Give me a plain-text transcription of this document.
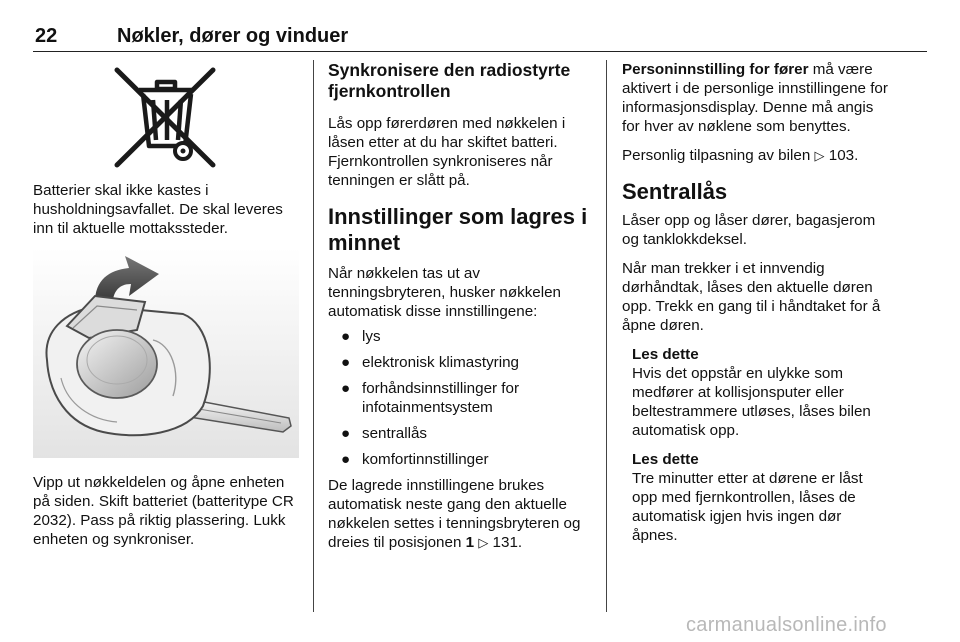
22	Nøkler, dører og vinduer

Batterier skal ikke kastes i husholdningsavfallet. De skal leveres inn til aktuelle mottakssteder.

Vipp ut nøkkeldelen og åpne enheten på siden. Skift batteriet (batteritype CR 2032). Pass på riktig plassering. Lukk enheten og synkroniser.

Synkronisere den radiostyrte fjernkontrollen

Lås opp førerdøren med nøkkelen i låsen etter at du har skiftet batteri. Fjernkontrollen synkroniseres når tenningen er slått på.

Innstillinger som lagres i minnet

Når nøkkelen tas ut av tenningsbryteren, husker nøkkelen automatisk disse innstillingene:

● lys
● elektronisk klimastyring
● forhåndsinnstillinger for infotainmentsystem
● sentrallås
● komfortinnstillinger

De lagrede innstillingene brukes automatisk neste gang den aktuelle nøkkelen settes i tenningsbryteren og dreies til posisjonen 1 ▷ 131.

Personinnstilling for fører må være aktivert i de personlige innstillingene for informasjonsdisplay. Denne må angis for hver av nøklene som benyttes.

Personlig tilpasning av bilen ▷ 103.

Sentrallås

Låser opp og låser dører, bagasjerom og tanklokkdeksel.

Når man trekker i et innvendig dørhåndtak, låses den aktuelle døren opp. Trekk en gang til i håndtaket for å åpne døren.

Les dette
Hvis det oppstår en ulykke som medfører at kollisjonsputer eller beltestrammere utløses, låses bilen automatisk opp.
Les dette
Tre minutter etter at dørene er låst opp med fjernkontrollen, låses de automatisk igjen hvis ingen dør åpnes.
carmanualsonline.info
